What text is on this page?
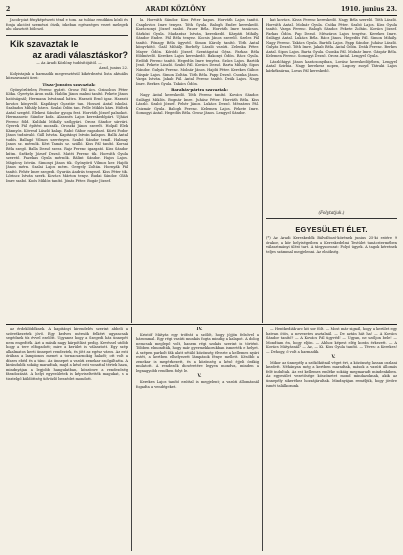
2	ARADI KÖZLÖNY	1910. junius 23.

Jacob-piat fényképészeti ténd e tom. az tulóaz rendikim közli és fonja akcióst szemészi ötzik, iskeban egészséges vezet melegek alu olasztott bölcsző.

Kik szavaztak le

az aradi választáskor?

— Az Aradi Közlöny tudósítójától. —

Arad, junius 22.

Kolyistajnk a harmadik megvesztésül kikérdezési lista aktuális közszavazati ürei:

Tisza-Jonsóra szavaztak:

Gyönyörűtelen Ferenc gyárit. Orosz Pál ács. Ozinolcos Péter Kóka. Gyertyás Áron zsák. Haldin János malmi tanító. Fekete János hatóságnál; Hermann Istvánnal hátra. Harasti Ernő igaz. Harasti kovács könyvelő. Kapilányi Gusztáv tan. Hosszú Antal iskolai. Szabados Mihály bárcs. Szalai Ödön tan. Pelle Miklós kárs. Hültek Antal szegéd. Elekesi Sándor gyoga fest. Horváth József palnokot. Hermanovic Sándor kofa. Alasznés Lajos kereskedőpárt. Ujházi Ferenc föld. Kulilaki Mihály szólgyári. Orosz Sándor sárvári. Gyerek Pál építési mozzák. Oroszki János szerelt. Holpál Elek Kánnyós. Kövesd László kalap. Rabó Gábor ragadozó. Kürti Fodor János tudnivaló. Gáll István. Kapitányi István kalapos. Ballá Antal tudós. Ballagó Vilmos szerényen. Szabó Sándor tenál. Halmay Janos sz. mérnök. Kéri Tamás sz. szálló. Kiss Pál tanító. Korsai Béla szegő. Balla Dezső szesz. Rajz Ferenc igazgató. Kiss Sándor kútm. Székely József Dezső. Matéi Ferenc tik. Horváth Gyula szerető. Fazekas Gyula mérnök. Bálint Sándor. Hajos Lajos. Mágócsy István. Simonyi János tik. Gyönyörű Vilmos ker. Hajdú János mérn. Szalai Lajos mérn. Gergely Zoltán. Hornyák Pál tanító. Fehér Imre szegedi. Gyuriás András tenyező. Kiss Péter tik. Lőrincz István szerk. Kovács Márton tenyz. Budai Sándor. Oláh Imre szabó. Koós Miklós tanító. Jónás Péter. Bogár József.

la. Horváth Sándor. Kiss Péter kapus. Horváth Lajos tanító. Csaplovics Imre tenyez. Tóth Gyula. Balogh Endre kereskedő. Karácsonyi József szabó. Pauer Béla. Horváth Imre tanácsos. Sárközi Gyula. Madarász István, kereskedő. Kárpáti Mihály. Sándor Endre. Pál Béla tenyez. Kocsis János szerelő. Szeles Pál tanító. Fónagy Béla ügyvéd. Simon Károly tanító. Tóth Antal könyvkötő. Gaál Mihály. Borbély László vasúti. Zelenka Péter. Mayer Ödön. Kóródi József. Szentágotai Géza. Farkas Béla földmívelő. Kerekes Lajos kereskedő. Bakonyi Ödön. Rácz Gyula. Erdődi Ferenc tanító. Hegedűs Imre tenyész. Szűcs Lajos. Bartók Jenő. Fekete László. Szabó Pál. Kovács Dezső. Barta Mihály. Sipos Nándor. Gulyás Ferenc. Molnár János. Hajdú Péter. Kerekes Gábor. Gáspár Lajos. Simon Zoltán. Tóth Béla. Papp Dezső. Csonka János. Varga István. Jakab Pál. Antal Ferenc tanító. Deák Lajos. Nagy Imre. Berkes Gyula. Takács Ödön.

Barabás-pártra szavaztak:

Nagy Antal kereskedő. Tóth Ferenc tanító. Kovács Sándor. Szilágyi Miklós. Bognár Imre. Juhász Péter. Horváth Béla. Kiss László. Szabó József. Fehér János. Lukács Dezső. Mészáros Pál. Csizmár Gyula. Balogh Ferenc. Kelemen Lajos. Fekete Imre. Somogyi Antal. Hegedűs Béla. Orosz János. Lengyel Sándor.

kat kovács. Kisss Ferenc kereskedő. Nagy Béla szerelő. Tóth László. Horváth Antal. Molnár Gyula. Csóka Péter. Szabó Lajos. Kiss Gyula tanító. Varga Ferenc. Balogh Sándor. Fekete Zoltán. Kovács József. Farkas Ödön. Pap Dezső. Mészáros Lajos tenyész. Kerekes Imre. Szilágyi Antal. Lukács Béla. Rácz János. Hegedűs Pál. Simon Mihály. Nagy Ferenc. Takács Gyula. Bartók Lajos. Papp Sándor. Juhász László. Gulyás Dezső. Tóth Imre. Jakab Béla. Antal Ödön. Deák Ferenc. Berkes Antal. Sipos Lajos. Barta Gyula. Csonka Pál. Molnár Imre. Gáspár Béla. Kelemen Ferenc. Somogyi Dezső. Orosz Antal. Lengyel Gyula.

Lászlóhigyi János karácsonyiban, Lovász kereskedőjében, Lengyel Antal Szirbia. Nagy kerekesz nopen, Lugosy zsoyd Tátraki Lajos kárkéknárna, Lovas Pál kereskedő.

(Folytatjuk.)

EGYESÜLETI ÉLET.

(*) Az Aradi Kereskedők Bálváltozó-körének junius 25-ki estére 9 órakor, a kör helyiségeiben a Kereskedelmi Testület tanácstermében választmányi ülést tart. A tárgysorozat: Folyó ügyek. A tagok kéretnek teljes számmal megjelenni. Az elnökség.

az érdeklődőknek. A kapitányi kirendelés szerint abbeli a szövetkezetek jövő. Egy kedves mérnök felkért ugyancsak segédnek tíz évvel ezelőtt. Ugyanez hogy a Szegedi ház ünnepét nem engedték. Azt a másik nagy kárpótlást pedig. Kevéssel utóbb hogy a terv elfogadott; mire a kerület is választott. Egy szép alkalmatos kerti ünnepet rendeztek, és jött az egész város. Az esti órában a lampionos menet a tornacsarnokig haladt; ott volt a díszes ebéd és a tánc. Az ünnepet a vasúti zenekar szolgáltatta. A kirándulók sokáig maradtak, majd a késő esti vonattal tértek haza, mindnyájan a legjobb hangulatban, köszönve a rendezőség fáradozását. A helyi egyesületek is képviseltették magukat, s a tisztelgő küldöttség üdvözlő beszédet mondott.

IV.

Kristóf Mátyás egy trófeát a szőlőt, hogy jöjjön felsővel a hárommal. Egy régi vasúti munkás fogta mindig a kalapot. A dolog nemcsak meglepő volt, hanem régi szokás szerint is történt. Többen elmondták, hogy már gyermekkorukban ismerték e helyet. A szépen parkolt fák alatt sétáló közönség élvezte a kellemes nyári estét, a kertben elhelyezett lámpások fénye mellett. Később a zenekar is megérkezett, és a közönség a késő éjjeli órákig mulatott. A rendezők dicséretére legyen mondva, minden a legnagyobb rendben folyt le.

V.

Kerekes Lajos tanító ezúttal is megjelent; a vasúti állomásnál fogadta a vendégeket.

— Hentkediák-arc kit sor fölt. — Most már signál, hogy a kerület egy hatvan ötös, a nevezetes asztalnál. — De aztán hát ha! — A Kovács Sándor tanító? — A Kovács Pál ügyvéd! — Ugyan, ne szóljon bele! — Mondtam én, hogy eljön. — Ahhoz képest elég korán érkezett. — A Kovács Mátyásnál? — Az, — Ki. Kiss Gyula tanító. — Téves: a Kerekes! — Dehogy, ő volt a harmadik.

V.

Mikor az ünnepély a szökőkútnál véget ért, a közönség lassan oszlani kezdett. Néhányan még a kertben maradtak, mások a vasúti állomás felé indultak. Az est kellemes emléke sokáig megmaradt mindenkiben. Az egyesület vezetősége köszönetet mond mindazoknak, akik az ünnepély sikeréhez hozzájárultak. Mindnyájan reméljük, hogy jövőre ismét találkozunk.
